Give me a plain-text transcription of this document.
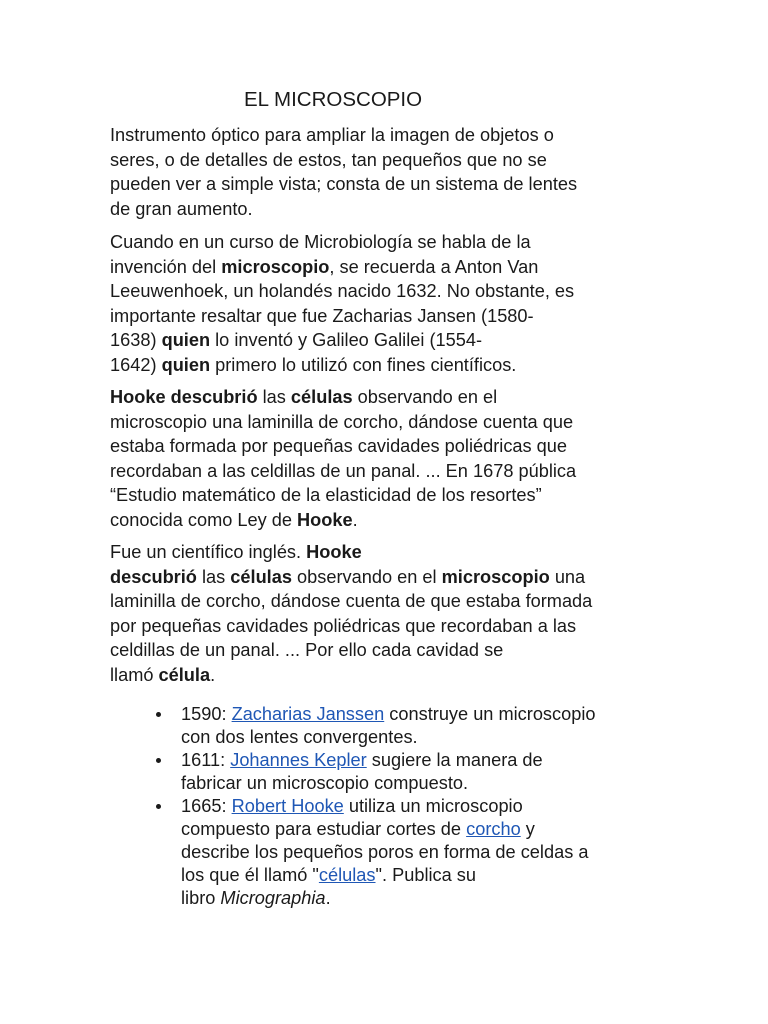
EL MICROSCOPIO

Instrumento óptico para ampliar la imagen de objetos o
seres, o de detalles de estos, tan pequeños que no se
pueden ver a simple vista; consta de un sistema de lentes
de gran aumento.

Cuando en un curso de Microbiología se habla de la
invención del microscopio, se recuerda a Anton Van
Leeuwenhoek, un holandés nacido 1632. No obstante, es
importante resaltar que fue Zacharias Jansen (1580-
1638) quien lo inventó y Galileo Galilei (1554-
1642) quien primero lo utilizó con fines científicos.

Hooke descubrió las células observando en el
microscopio una laminilla de corcho, dándose cuenta que
estaba formada por pequeñas cavidades poliédricas que
recordaban a las celdillas de un panal. ... En 1678 pública
“Estudio matemático de la elasticidad de los resortes”
conocida como Ley de Hooke.

Fue un científico inglés. Hooke
descubrió las células observando en el microscopio una
laminilla de corcho, dándose cuenta de que estaba formada
por pequeñas cavidades poliédricas que recordaban a las
celdillas de un panal. ... Por ello cada cavidad se
llamó célula.

1590: Zacharias Janssen construye un microscopio
con dos lentes convergentes.
1611: Johannes Kepler sugiere la manera de
fabricar un microscopio compuesto.
1665: Robert Hooke utiliza un microscopio
compuesto para estudiar cortes de corcho y
describe los pequeños poros en forma de celdas a
los que él llamó "células". Publica su
libro Micrographia.
